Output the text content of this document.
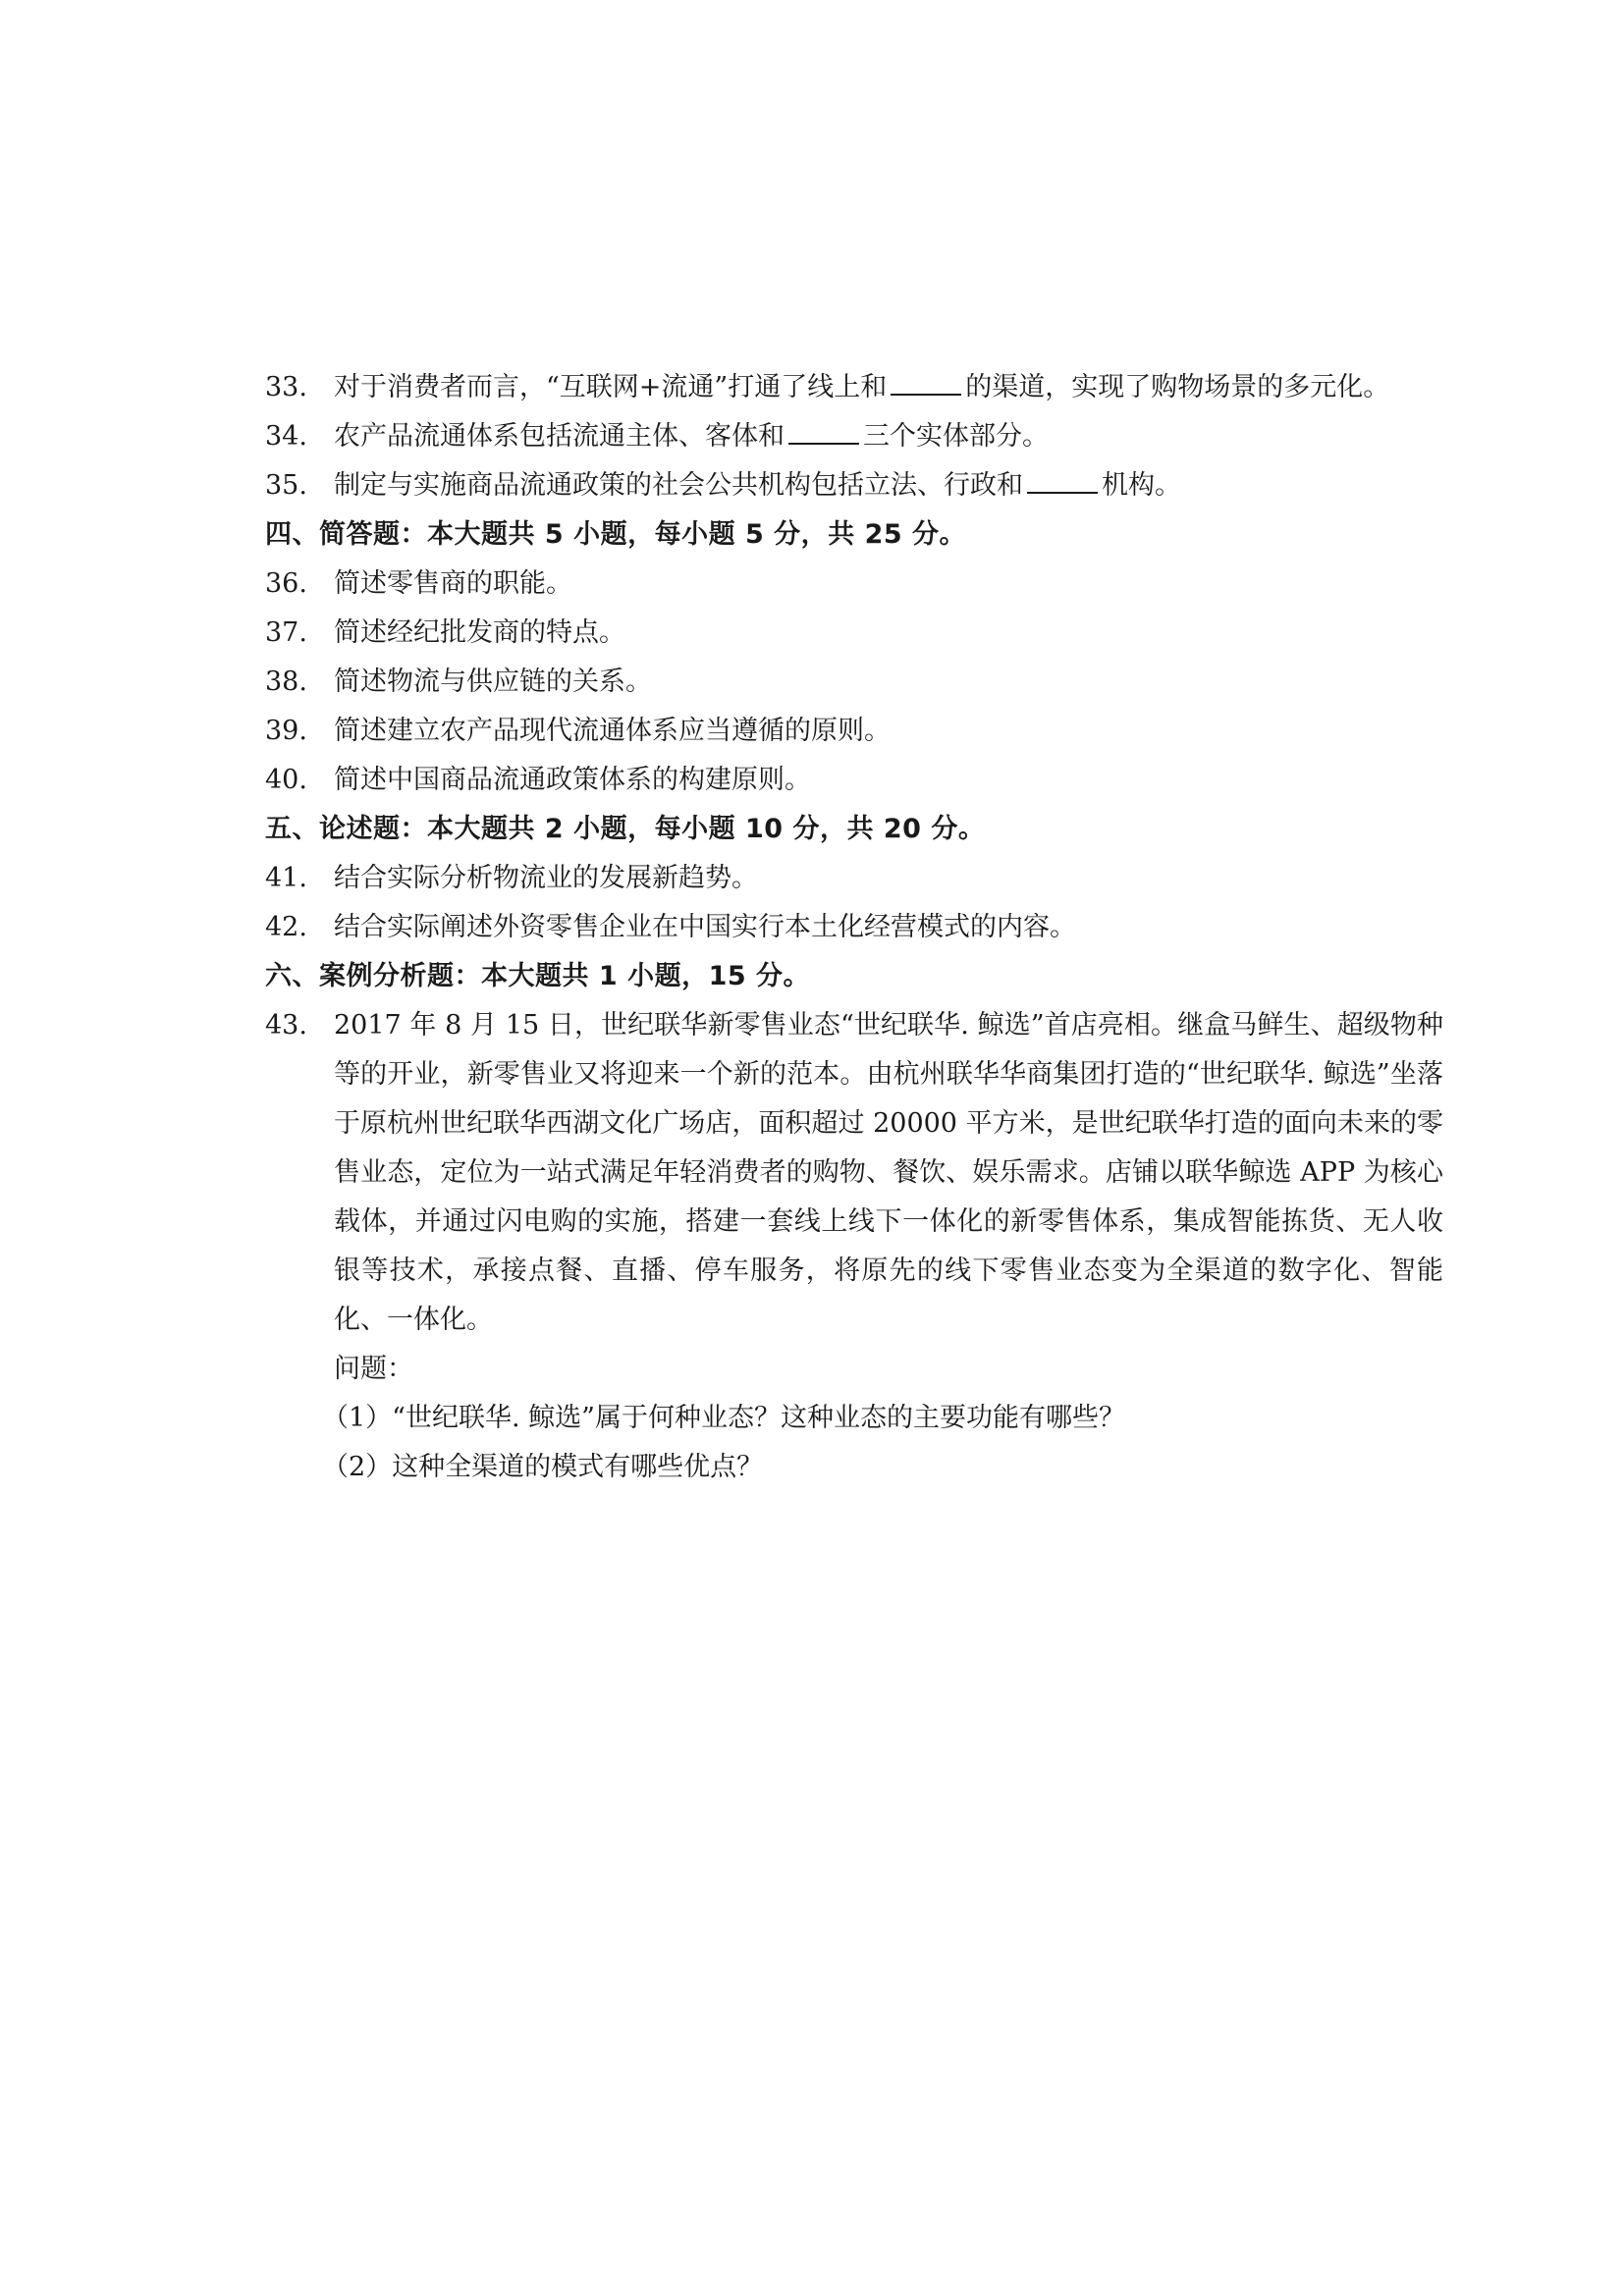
33.	对于消费者而言，“互联网+流通”打通了线上和	的渠道，实现了购物场景的多元化。
34.	农产品流通体系包括流通主体、客体和	三个实体部分。
35.	制定与实施商品流通政策的社会公共机构包括立法、行政和	机构。
四、简答题：本大题共 5 小题，每小题 5 分，共 25 分。
36.	简述零售商的职能。
37.	简述经纪批发商的特点。
38.	简述物流与供应链的关系。
39.	简述建立农产品现代流通体系应当遵循的原则。
40.	简述中国商品流通政策体系的构建原则。
五、论述题：本大题共 2 小题，每小题 10 分，共 20 分。
41.	结合实际分析物流业的发展新趋势。
42.	结合实际阐述外资零售企业在中国实行本土化经营模式的内容。
六、案例分析题：本大题共 1 小题，15 分。
43.	2017 年 8 月 15 日，世纪联华新零售业态“世纪联华. 鲸选”首店亮相。继盒马鲜生、超级物种等的开业，新零售业又将迎来一个新的范本。由杭州联华华商集团打造的“世纪联华. 鲸选”坐落于原杭州世纪联华西湖文化广场店，面积超过 20000 平方米，是世纪联华打造的面向未来的零售业态，定位为一站式满足年轻消费者的购物、餐饮、娱乐需求。店铺以联华鲸选 APP 为核心载体，并通过闪电购的实施，搭建一套线上线下一体化的新零售体系，集成智能拣货、无人收银等技术，承接点餐、直播、停车服务，将原先的线下零售业态变为全渠道的数字化、智能化、一体化。

问题：

（1）“世纪联华. 鲸选”属于何种业态？这种业态的主要功能有哪些？
（2）这种全渠道的模式有哪些优点？
